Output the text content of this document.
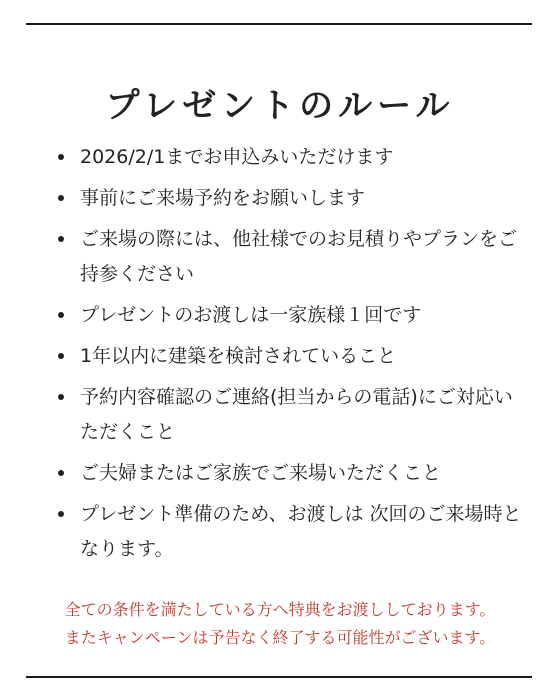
プレゼントのルール
2026/2/1までお申込みいただけます
事前にご来場予約をお願いします
ご来場の際には、他社様でのお見積りやプランをご持参ください
プレゼントのお渡しは一家族様１回です
1年以内に建築を検討されていること
予約内容確認のご連絡(担当からの電話)にご対応いただくこと
ご夫婦またはご家族でご来場いただくこと
プレゼント準備のため、お渡しは 次回のご来場時となります。
全ての条件を満たしている方へ特典をお渡ししております。
またキャンペーンは予告なく終了する可能性がございます。
